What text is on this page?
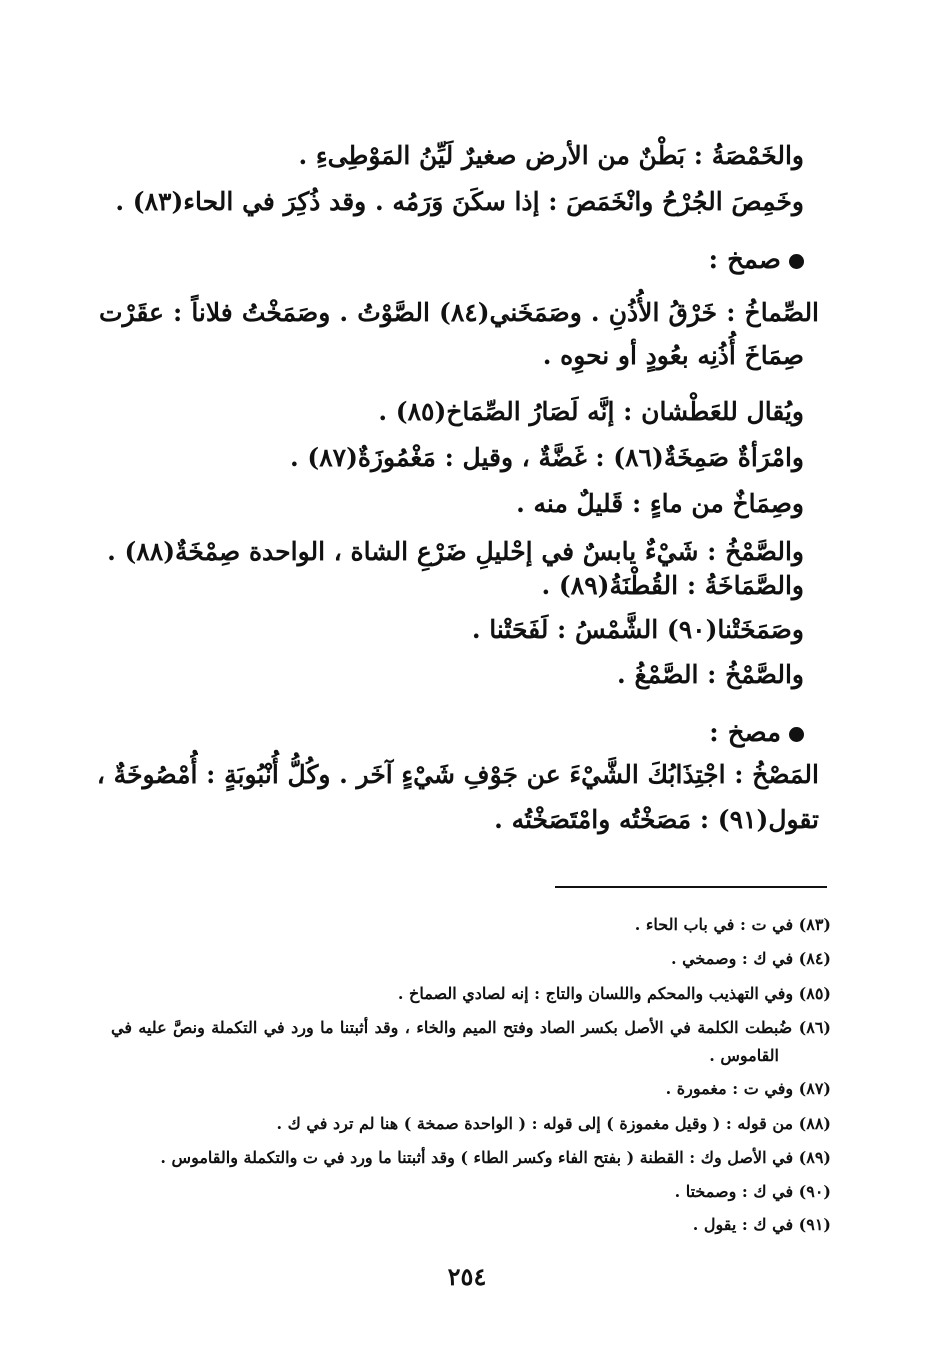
والخَمْصَةُ : بَطْنٌ من الأرض صغيرٌ لَيِّنُ المَوْطِىءِ .
وخَمِصَ الجُرْحُ وانْخَمَصَ : إذا سكَنَ وَرَمُه . وقد ذُكِرَ في الحاء(٨٣) .
صمخ :
الصِّماخُ : خَرْقُ الأُذُنِ . وصَمَخَني(٨٤) الصَّوْتُ . وصَمَخْتُ فلاناً : عقَرْت
صِمَاخَ أُذُنِه بعُودٍ أو نحوِه .
ويُقال للعَطْشان : إنَّه لَصَارُ الصِّمَاخ(٨٥) .
وامْرَأةٌ صَمِخَةٌ(٨٦) : غَضَّةٌ ، وقيل : مَغْمُوزَةٌ(٨٧) .
وصِمَاخٌ من ماءٍ : قَليلٌ منه .
والصَّمْخُ : شَيْءٌ يابسٌ في إحْليلِ ضَرْعِ الشاة ، الواحدة صِمْخَةٌ(٨٨) .
والصَّمَاخَةُ : القُطْنَةُ(٨٩) .
وصَمَخَتْنا(٩٠) الشَّمْسُ : لَفَحَتْنا .
والصَّمْخُ : الصَّمْغُ .
مصخ :
المَصْخُ : اجْتِذَابُكَ الشَّيْءَ عن جَوْفِ شَيْءٍ آخَر . وكُلُّ أُنْبُوبَةٍ : أُمْصُوخَةٌ ،
تقول(٩١) : مَصَخْتُه وامْتَصَخْتُه .
(٨٣) في ت : في باب الحاء .
(٨٤) في ك : وصمخي .
(٨٥) وفي التهذيب والمحكم واللسان والتاج : إنه لصادي الصماخ .
(٨٦) ضُبطت الكلمة في الأصل بكسر الصاد وفتح الميم والخاء ، وقد أثبتنا ما ورد في التكملة ونصَّ عليه في
القاموس .
(٨٧) وفي ت : مغمورة .
(٨٨) من قوله : ( وقيل مغموزة ) إلى قوله : ( الواحدة صمخة ) هنا لم ترد في ك .
(٨٩) في الأصل وك : القطنة ( بفتح الفاء وكسر الطاء ) وقد أثبتنا ما ورد في ت والتكملة والقاموس .
(٩٠) في ك : وصمختا .
(٩١) في ك : يقول .
٢٥٤
